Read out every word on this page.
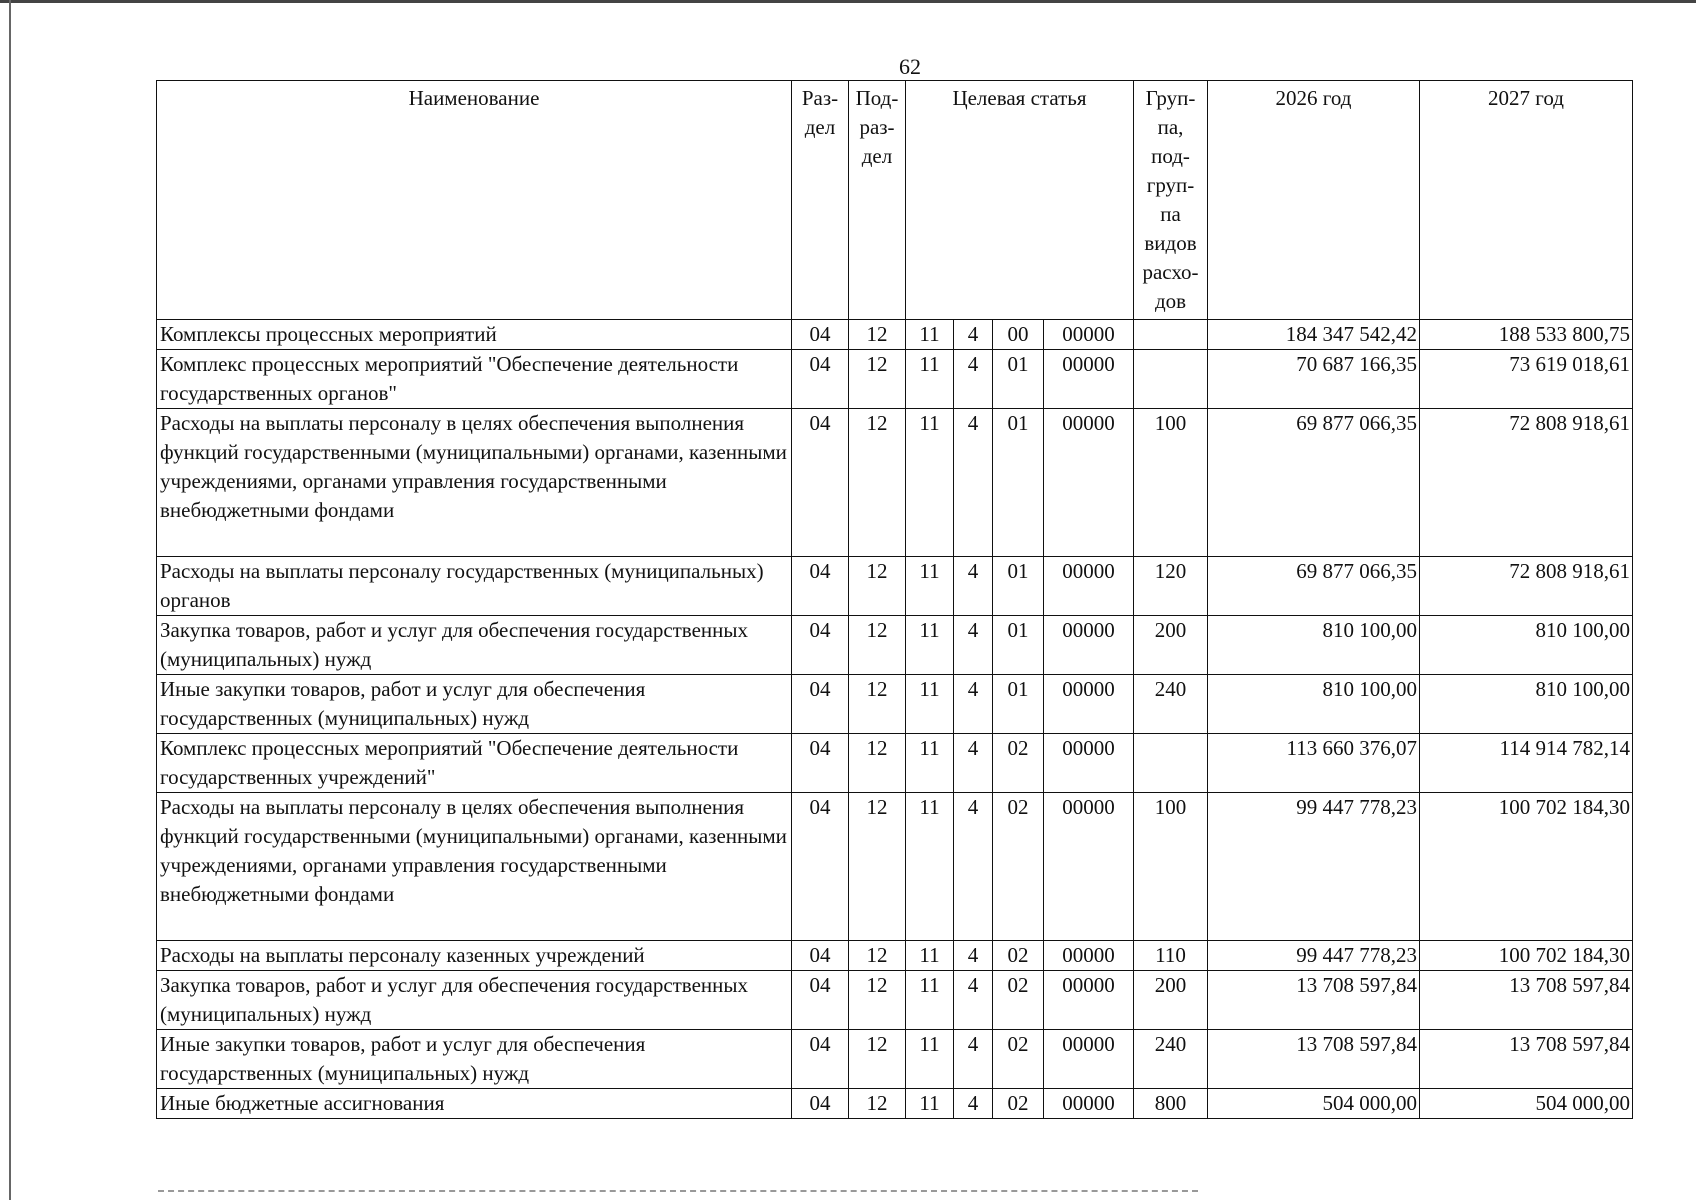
62
Наименование	Раз-дел	Под-раз-дел	Целевая статья				Груп-па, под-груп-па видов расхо-дов	2026 год	2027 год
Комплексы процессных мероприятий	04	12	11	4	00	00000		184 347 542,42	188 533 800,75
Комплекс процессных мероприятий "Обеспечение деятельности государственных органов"	04	12	11	4	01	00000		70 687 166,35	73 619 018,61
Расходы на выплаты персоналу в целях обеспечения выполнения функций государственными (муниципальными) органами, казенными учреждениями, органами управления государственными внебюджетными фондами	04	12	11	4	01	00000	100	69 877 066,35	72 808 918,61
Расходы на выплаты персоналу государственных (муниципальных) органов	04	12	11	4	01	00000	120	69 877 066,35	72 808 918,61
Закупка товаров, работ и услуг для обеспечения государственных (муниципальных) нужд	04	12	11	4	01	00000	200	810 100,00	810 100,00
Иные закупки товаров, работ и услуг для обеспечения государственных (муниципальных) нужд	04	12	11	4	01	00000	240	810 100,00	810 100,00
Комплекс процессных мероприятий "Обеспечение деятельности государственных учреждений"	04	12	11	4	02	00000		113 660 376,07	114 914 782,14
Расходы на выплаты персоналу в целях обеспечения выполнения функций государственными (муниципальными) органами, казенными учреждениями, органами управления государственными внебюджетными фондами	04	12	11	4	02	00000	100	99 447 778,23	100 702 184,30
Расходы на выплаты персоналу казенных учреждений	04	12	11	4	02	00000	110	99 447 778,23	100 702 184,30
Закупка товаров, работ и услуг для обеспечения государственных (муниципальных) нужд	04	12	11	4	02	00000	200	13 708 597,84	13 708 597,84
Иные закупки товаров, работ и услуг для обеспечения государственных (муниципальных) нужд	04	12	11	4	02	00000	240	13 708 597,84	13 708 597,84
Иные бюджетные ассигнования	04	12	11	4	02	00000	800	504 000,00	504 000,00
